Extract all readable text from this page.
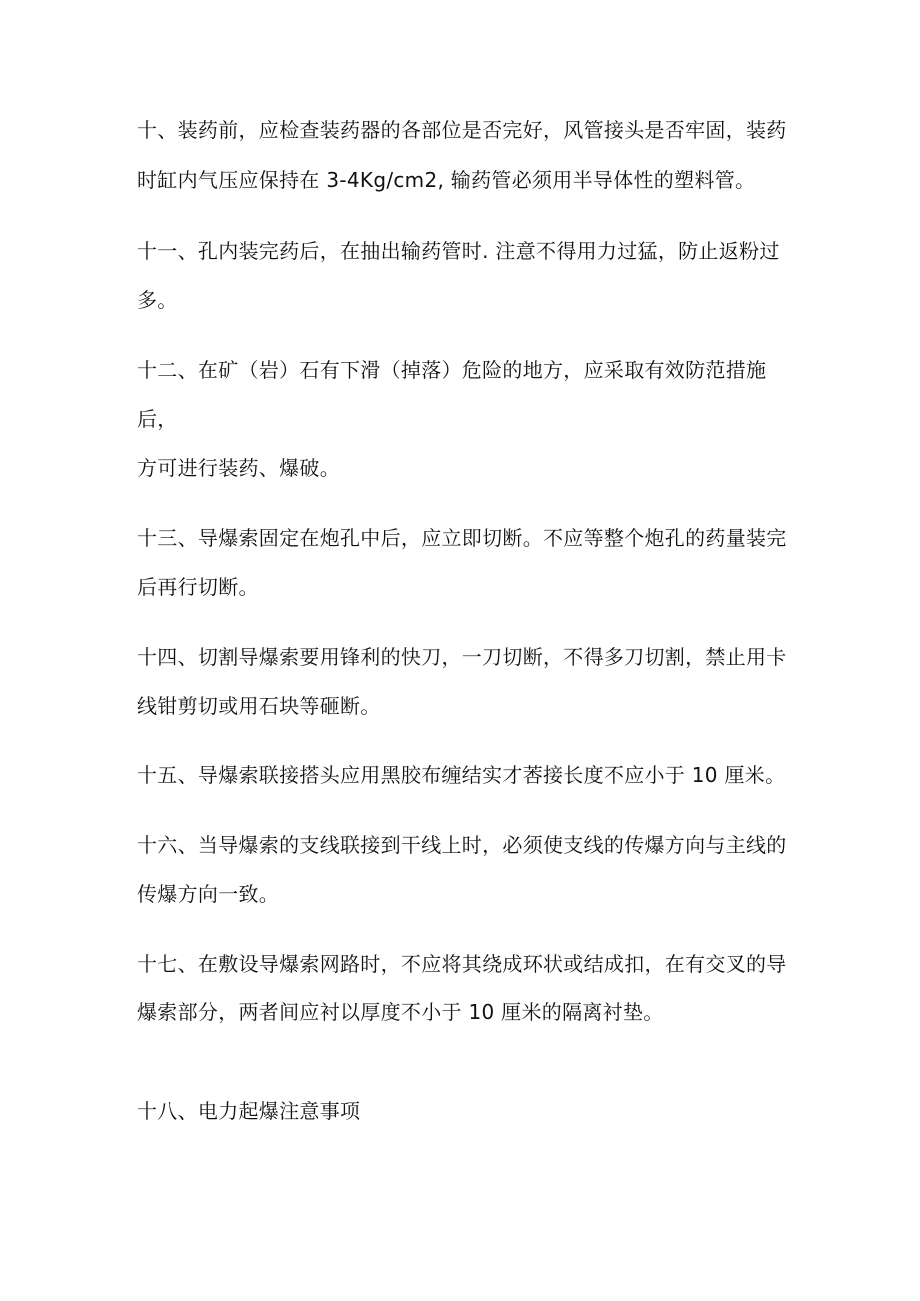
十、装药前，应检查装药器的各部位是否完好，风管接头是否牢固，装药
时缸内气压应保持在 3-4Kg/cm2, 输药管必须用半导体性的塑料管。
十一、孔内装完药后，在抽出输药管时. 注意不得用力过猛，防止返粉过
多。
十二、在矿（岩）石有下滑（掉落）危险的地方，应采取有效防范措施
后，
方可进行装药、爆破。
十三、导爆索固定在炮孔中后，应立即切断。不应等整个炮孔的药量装完
后再行切断。
十四、切割导爆索要用锋利的快刀，一刀切断，不得多刀切割，禁止用卡
线钳剪切或用石块等砸断。
十五、导爆索联接搭头应用黑胶布缠结实才莕接长度不应小于 10 厘米。
十六、当导爆索的支线联接到干线上时，必须使支线的传爆方向与主线的
传爆方向一致。
十七、在敷设导爆索网路时，不应将其绕成环状或结成扣，在有交叉的导
爆索部分，两者间应衬以厚度不小于 10 厘米的隔离衬垫。
十八、电力起爆注意事项
